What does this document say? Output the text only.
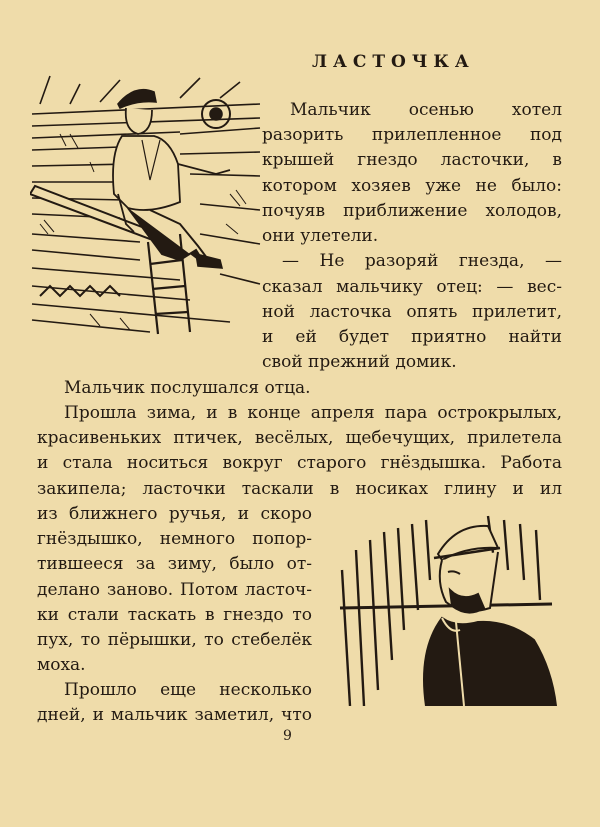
ЛАСТОЧКА
Мальчик осенью хотел
разорить прилепленное под
крышей гнездо ласточки, в
котором хозяев уже не было:
почуяв приближение холодов,
они улетели.
— Не разоряй гнезда, —
сказал мальчику отец: — вес-
ной ласточка опять прилетит,
и ей будет приятно найти
свой прежний домик.
Мальчик послушался отца.
Прошла зима, и в конце апреля пара острокрылых,
красивеньких птичек, весёлых, щебечущих, прилетела
и стала носиться вокруг старого гнёздышка. Работа
закипела; ласточки таскали в носиках глину и ил
из ближнего ручья, и скоро
гнёздышко, немного попор-
тившееся за зиму, было от-
делано заново. Потом ласточ-
ки стали таскать в гнездо то
пух, то пёрышки, то стебелёк
моха.
Прошло еще несколько
дней, и мальчик заметил, что
9
